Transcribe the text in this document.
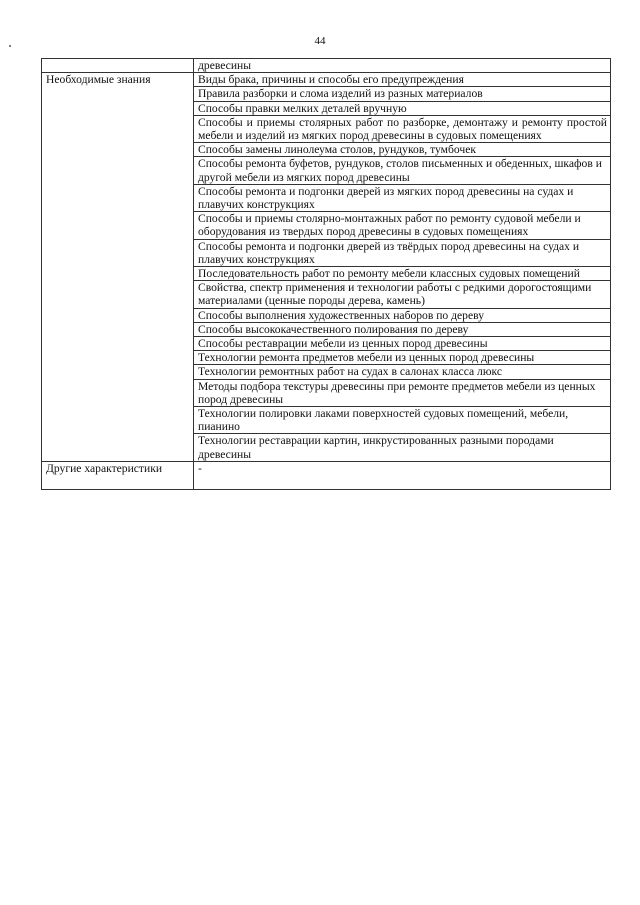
44
	древесины
Необходимые знания	Виды брака, причины и способы его предупреждения
	Правила разборки и слома изделий из разных материалов
	Способы правки мелких деталей вручную
	Способы и приемы столярных работ по разборке, демонтажу и ремонту простой мебели и изделий из мягких пород древесины в судовых помещениях
	Способы замены линолеума столов, рундуков, тумбочек
	Способы ремонта буфетов, рундуков, столов письменных и обеденных, шкафов и другой мебели из мягких пород древесины
	Способы ремонта и подгонки дверей из мягких пород древесины на судах и плавучих конструкциях
	Способы и приемы столярно-монтажных работ по ремонту судовой мебели и оборудования из твердых пород древесины в судовых помещениях
	Способы ремонта и подгонки дверей из твёрдых пород древесины на судах и плавучих конструкциях
	Последовательность работ по ремонту мебели классных судовых помещений
	Свойства, спектр применения и технологии работы с редкими дорогостоящими материалами (ценные породы дерева, камень)
	Способы выполнения художественных наборов по дереву
	Способы высококачественного полирования по дереву
	Способы реставрации мебели из ценных пород древесины
	Технологии ремонта предметов мебели из ценных пород древесины
	Технологии ремонтных работ на судах в салонах класса люкс
	Методы подбора текстуры древесины при ремонте предметов мебели из ценных пород древесины
	Технологии полировки лаками поверхностей судовых помещений, мебели, пианино
	Технологии реставрации картин, инкрустированных разными породами древесины
Другие характеристики	-
